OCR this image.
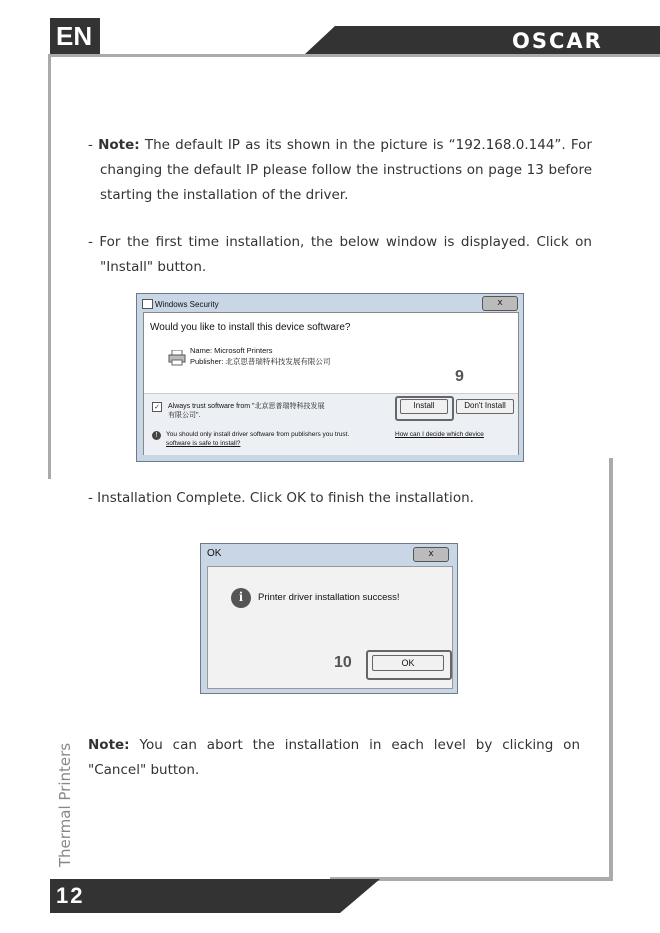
EN	OSCAR
- Note: The default IP as its shown in the picture is “192.168.0.144”. For changing the default IP please follow the instructions on page 13 before starting the installation of the driver.
- For the first time installation, the below window is displayed. Click on "Install" button.
Windows Security	x
Would you like to install this device software?
Name: Microsoft Printers
Publisher: 北京思普瑞特科技发展有限公司
9
✓ Always trust software from "北京思普瑞特科技发展
有限公司".
Install	Don't Install
!	You should only install driver software from publishers you trust.	How can I decide which device
software is safe to install?
- Installation Complete. Click OK to finish the installation.
OK	x
i	Printer driver installation success!
10	OK
Note: You can abort the installation in each level by clicking on "Cancel" button.
Thermal Printers
12
